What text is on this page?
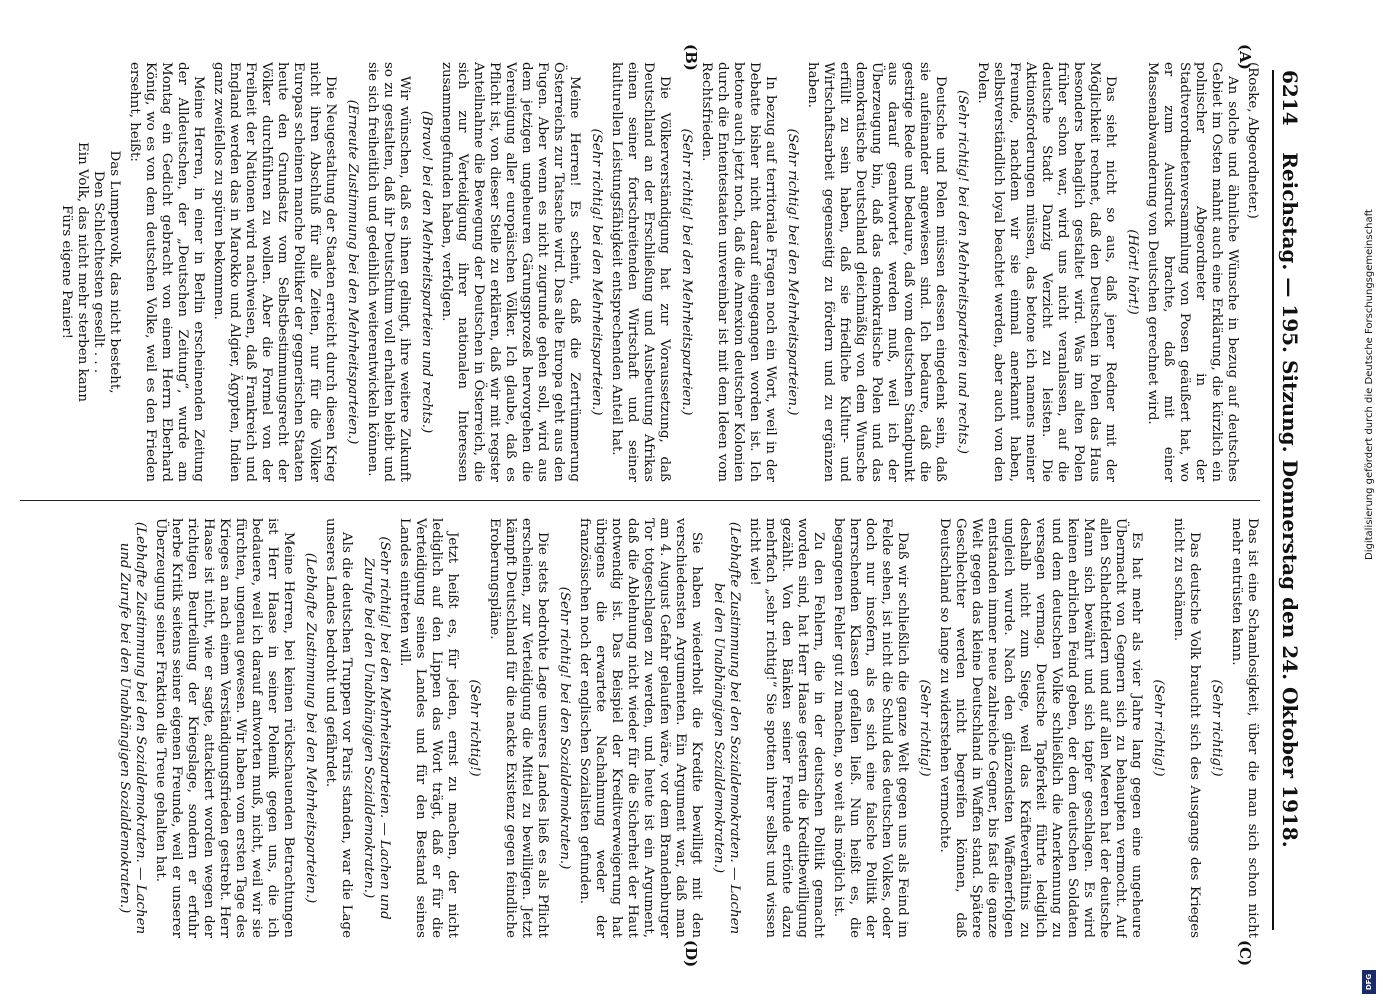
6214
Reichstag. — 195. Sitzung. Donnerstag den 24. Oktober 1918.
(A)
(B)
(C)
(D)

(Roske, Abgeordneter.)

An solche und ähnliche Wünsche in bezug auf deutsches Gebiet im Osten mahnt auch eine Erklärung, die kürzlich ein polnischer Abgeordneter in der Stadtverordnetenversammlung von Posen geäußert hat, wo er zum Ausdruck brachte, daß mit einer Massenabwanderung von Deutschen gerechnet wird.

(Hört! hört!)

Das sieht nicht so aus, daß jener Redner mit der Möglichkeit rechnet, daß den Deutschen in Polen das Haus besonders behaglich gestaltet wird. Was im alten Polen früher schon war, wird uns nicht veranlassen, auf die deutsche Stadt Danzig Verzicht zu leisten. Die Aktionsforderungen müssen, das betone ich namens meiner Freunde, nachdem wir sie einmal anerkannt haben, selbstverständlich loyal beachtet werden, aber auch von den Polen.

(Sehr richtig! bei den Mehrheitsparteien und rechts.)

Deutsche und Polen müssen dessen eingedenk sein, daß sie aufeinander angewiesen sind. Ich bedaure, daß die gestrige Rede und bedaure, daß vom deutschen Standpunkt aus darauf geantwortet werden muß, weil ich der Überzeugung bin, daß das demokratische Polen und das demokratische Deutschland gleichmäßig von dem Wunsche erfüllt zu sein haben, daß sie friedliche Kultur- und Wirtschaftsarbeit gegenseitig zu fördern und zu ergänzen haben.

(Sehr richtig! bei den Mehrheitsparteien.)

In bezug auf territoriale Fragen noch ein Wort, weil in der Debatte bisher nicht darauf eingegangen worden ist. Ich betone auch jetzt noch, daß die Annexion deutscher Kolonien durch die Ententestaaten unvereinbar ist mit dem Ideen vom Rechtsfrieden.

(Sehr richtig! bei den Mehrheitsparteien.)

Die Völkerverständigung hat zur Voraussetzung, daß Deutschland an der Erschließung und Ausbeutung Afrikas einen seiner fortschreitenden Wirtschaft und seiner kulturellen Leistungsfähigkeit entsprechenden Anteil hat.

(Sehr richtig! bei den Mehrheitsparteien.)

Meine Herren! Es scheint, daß die Zertrümmerung Österreichs zur Tatsache wird. Das alte Europa geht aus den Fugen. Aber wenn es nicht zugrunde gehen soll, wird aus dem jetzigen ungeheuren Gärungsprozeß hervorgehen die Vereinigung aller europäischen Völker. Ich glaube, daß es Pflicht ist, von dieser Stelle zu erklären, daß wir mit regster Anteilnahme die Bewegung der Deutschen in Österreich, die sich zur Verteidigung ihrer nationalen Interessen zusammengefunden haben, verfolgen.

(Bravo! bei den Mehrheitsparteien und rechts.)

Wir wünschen, daß es ihnen gelingt, ihre weitere Zukunft so zu gestalten, daß ihr Deutschtum voll erhalten bleibt und sie sich freiheitlich und gedeihlich weiterentwickeln können.

(Erneute Zustimmung bei den Mehrheitsparteien.)

Die Neugestaltung der Staaten erreicht durch diesen Krieg nicht ihren Abschluß für alle Zeiten, nur für die Völker Europas scheinen manche Politiker der gegnerischen Staaten heute den Grundsatz vom Selbstbestimmungsrecht der Völker durchführen zu wollen. Aber die Formel von der Freiheit der Nationen wird nachweisen, daß Frankreich und England werden das in Marokko und Algier, Ägypten, Indien ganz zweifellos zu spüren bekommen.

Meine Herren, in einer in Berlin erscheinenden Zeitung der Alldeutschen, der „Deutschen Zeitung“, wurde am Montag ein Gedicht gebracht von einem Herrn Eberhard König, wo es von dem deutschen Volke, weil es den Frieden ersehnt, heißt:

Das Lumpenvolk, das nicht besteht,

Den Schlechtesten gesellt . . .

Ein Volk, das nicht mehr sterben kann

Fürs eigene Panier!

Das ist eine Schamlosigkeit, über die man sich schon nicht mehr entrüsten kann.

(Sehr richtig!)

Das deutsche Volk braucht sich des Ausgangs des Krieges nicht zu schämen.

(Sehr richtig!)

Es hat mehr als vier Jahre lang gegen eine ungeheure Übermacht von Gegnern sich zu behaupten vermocht. Auf allen Schlachtfeldern und auf allen Meeren hat der deutsche Mann sich bewährt und sich tapfer geschlagen. Es wird keinen ehrlichen Feind geben, der dem deutschen Soldaten und dem deutschen Volke schließlich die Anerkennung zu versagen vermag. Deutsche Tapferkeit führte lediglich deshalb nicht zum Siege, weil das Kräfteverhältnis zu ungleich wurde. Nach den glänzendsten Waffenerfolgen entstanden immer neue zahlreiche Gegner, bis fast die ganze Welt gegen das kleine Deutschland in Waffen stand. Spätere Geschlechter werden nicht begreifen können, daß Deutschland so lange zu widerstehen vermochte.

(Sehr richtig!)

Daß wir schließlich die ganze Welt gegen uns als Feind im Felde sehen, ist nicht die Schuld des deutschen Volkes, oder doch nur insofern, als es sich eine falsche Politik der herrschenden Klassen gefallen ließ. Nun heißt es, die begangenen Fehler gut zu machen, so weit als möglich ist.

Zu den Fehlern, die in der deutschen Politik gemacht worden sind, hat Herr Haase gestern die Kreditbewilligung gezählt. Von den Bänken seiner Freunde ertönte dazu mehrfach „sehr richtig!“ Sie spotten ihrer selbst und wissen nicht wie!

(Lebhafte Zustimmung bei den Sozialdemokraten. — Lachen bei den Unabhängigen Sozialdemokraten.)

Sie haben wiederholt die Kredite bewilligt mit den verschiedensten Argumenten. Ein Argument war, daß man am 4. August Gefahr gelaufen wäre, vor dem Brandenburger Tor totgeschlagen zu werden, und heute ist ein Argument, daß die Ablehnung nicht wieder für die Sicherheit der Haut notwendig ist. Das Beispiel der Kreditverweigerung hat übrigens die erwartete Nachahmung weder der französischen noch der englischen Sozialisten gefunden.

(Sehr richtig! bei den Sozialdemokraten.)

Die stets bedrohte Lage unseres Landes ließ es als Pflicht erscheinen, zur Verteidigung die Mittel zu bewilligen. Jetzt kämpft Deutschland für die nackte Existenz gegen feindliche Eroberungspläne.

(Sehr richtig!)

Jetzt heißt es, für jeden, ernst zu machen, der nicht lediglich auf den Lippen das Wort trägt, daß er für die Verteidigung seines Landes und für den Bestand seines Landes eintreten will.

(Sehr richtig! bei den Mehrheitsparteien. — Lachen und Zurufe bei den Unabhängigen Sozialdemokraten.)

Als die deutschen Truppen vor Paris standen, war die Lage unseres Landes bedroht und gefährdet.

(Lebhafte Zustimmung bei den Mehrheitsparteien.)

Meine Herren, bei keinen rückschauenden Betrachtungen ist Herr Haase in seiner Polemik gegen uns, die ich bedauere, weil ich darauf antworten muß, nicht, weil wir sie fürchten, ungenau gewesen. Wir haben vom ersten Tage des Krieges an nach einem Verständigungsfrieden gestrebt. Herr Haase ist nicht, wie er sagte, attackiert worden wegen der richtigen Beurteilung der Kriegslage, sondern er erfuhr herbe Kritik seitens seiner eigenen Freunde, weil er unserer Überzeugung seiner Fraktion die Treue gehalten hat.

(Lebhafte Zustimmung bei den Sozialdemokraten. — Lachen und Zurufe bei den Unabhängigen Sozialdemokraten.)

Digitalisierung gefördert durch die Deutsche Forschungsgemeinschaft
DFG
